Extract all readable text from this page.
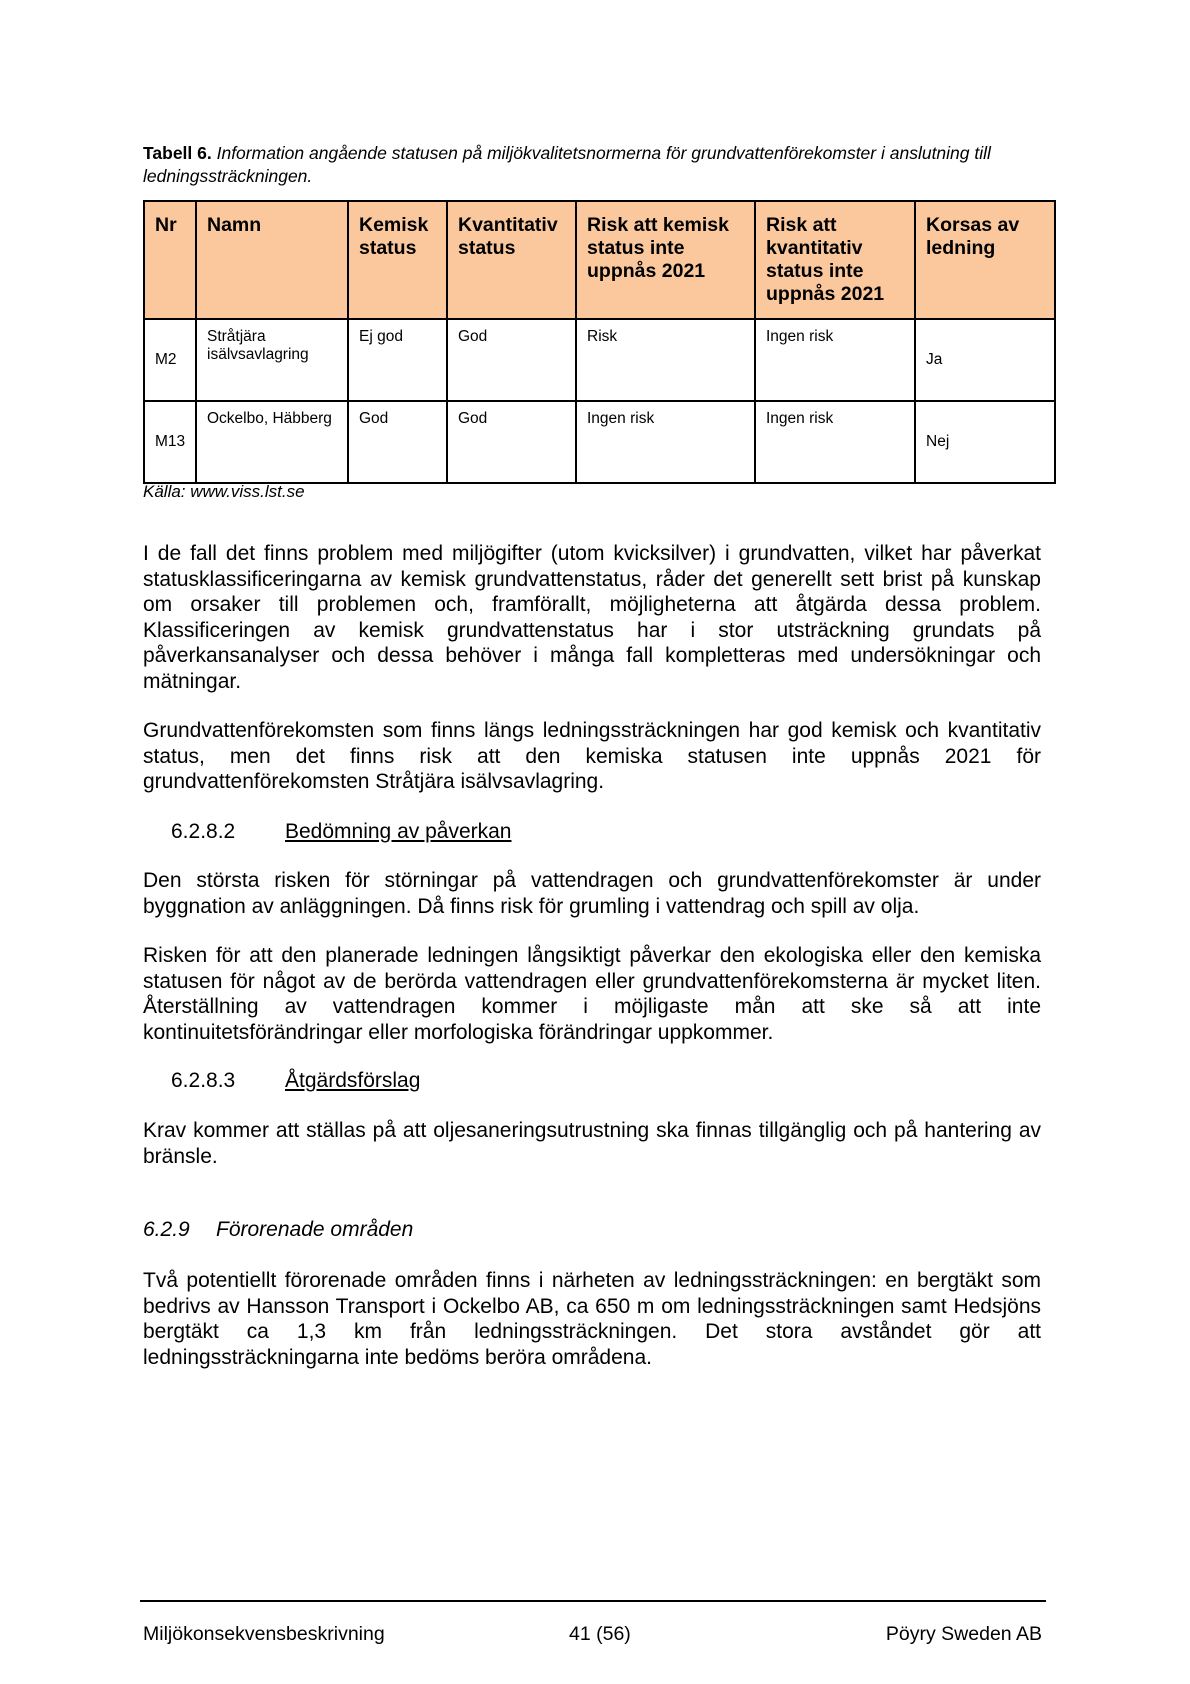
Tabell 6. Information angående statusen på miljökvalitetsnormerna för grundvattenförekomster i anslutning till ledningssträckningen.
Nr	Namn	Kemisk status	Kvantitativ status	Risk att kemisk status inte uppnås 2021	Risk att kvantitativ status inte uppnås 2021	Korsas av ledning
M2	Stråtjära isälvsavlagring	Ej god	God	Risk	Ingen risk	Ja
M13	Ockelbo, Häbberg	God	God	Ingen risk	Ingen risk	Nej
Källa: www.viss.lst.se
I de fall det finns problem med miljögifter (utom kvicksilver) i grundvatten, vilket har påverkat statusklassificeringarna av kemisk grundvattenstatus, råder det generellt sett brist på kunskap om orsaker till problemen och, framförallt, möjligheterna att åtgärda dessa problem. Klassificeringen av kemisk grundvattenstatus har i stor utsträckning grundats på påverkansanalyser och dessa behöver i många fall kompletteras med undersökningar och mätningar.
Grundvattenförekomsten som finns längs ledningssträckningen har god kemisk och kvantitativ status, men det finns risk att den kemiska statusen inte uppnås 2021 för grundvattenförekomsten Stråtjära isälvsavlagring.
6.2.8.2 Bedömning av påverkan
Den största risken för störningar på vattendragen och grundvattenförekomster är under byggnation av anläggningen. Då finns risk för grumling i vattendrag och spill av olja.
Risken för att den planerade ledningen långsiktigt påverkar den ekologiska eller den kemiska statusen för något av de berörda vattendragen eller grundvattenförekomsterna är mycket liten. Återställning av vattendragen kommer i möjligaste mån att ske så att inte kontinuitetsförändringar eller morfologiska förändringar uppkommer.
6.2.8.3 Åtgärdsförslag
Krav kommer att ställas på att oljesaneringsutrustning ska finnas tillgänglig och på hantering av bränsle.
6.2.9 Förorenade områden
Två potentiellt förorenade områden finns i närheten av ledningssträckningen: en bergtäkt som bedrivs av Hansson Transport i Ockelbo AB, ca 650 m om ledningssträckningen samt Hedsjöns bergtäkt ca 1,3 km från ledningssträckningen. Det stora avståndet gör att ledningssträckningarna inte bedöms beröra områdena.
Miljökonsekvensbeskrivning	41 (56)	Pöyry Sweden AB
